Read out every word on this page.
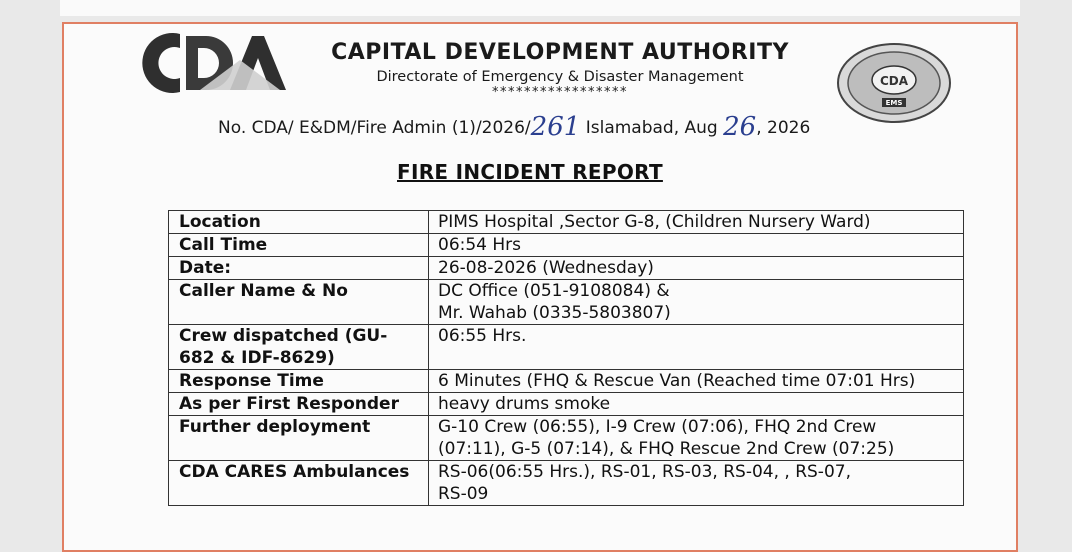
CAPITAL DEVELOPMENT AUTHORITY
Directorate of Emergency & Disaster Management
*****************
CDA
EMS
No. CDA/ E&DM/Fire Admin (1)/2026/261 Islamabad, Aug 26, 2026
FIRE INCIDENT REPORT
Location	PIMS Hospital ,Sector G-8, (Children Nursery Ward)

Call Time	06:54 Hrs

Date:	26-08-2026 (Wednesday)

Caller Name & No	DC Office (051-9108084) &
Mr. Wahab (0335-5803807)

Crew dispatched (GU-682 & IDF-8629)	06:55 Hrs.

Response Time	6 Minutes (FHQ & Rescue Van (Reached time 07:01 Hrs)

As per First Responder	heavy drums smoke

Further deployment	G-10 Crew (06:55), I-9 Crew (07:06), FHQ 2nd Crew
(07:11), G-5 (07:14), & FHQ Rescue 2nd Crew (07:25)

CDA CARES Ambulances	RS-06(06:55 Hrs.), RS-01, RS-03, RS-04, , RS-07,
RS-09
